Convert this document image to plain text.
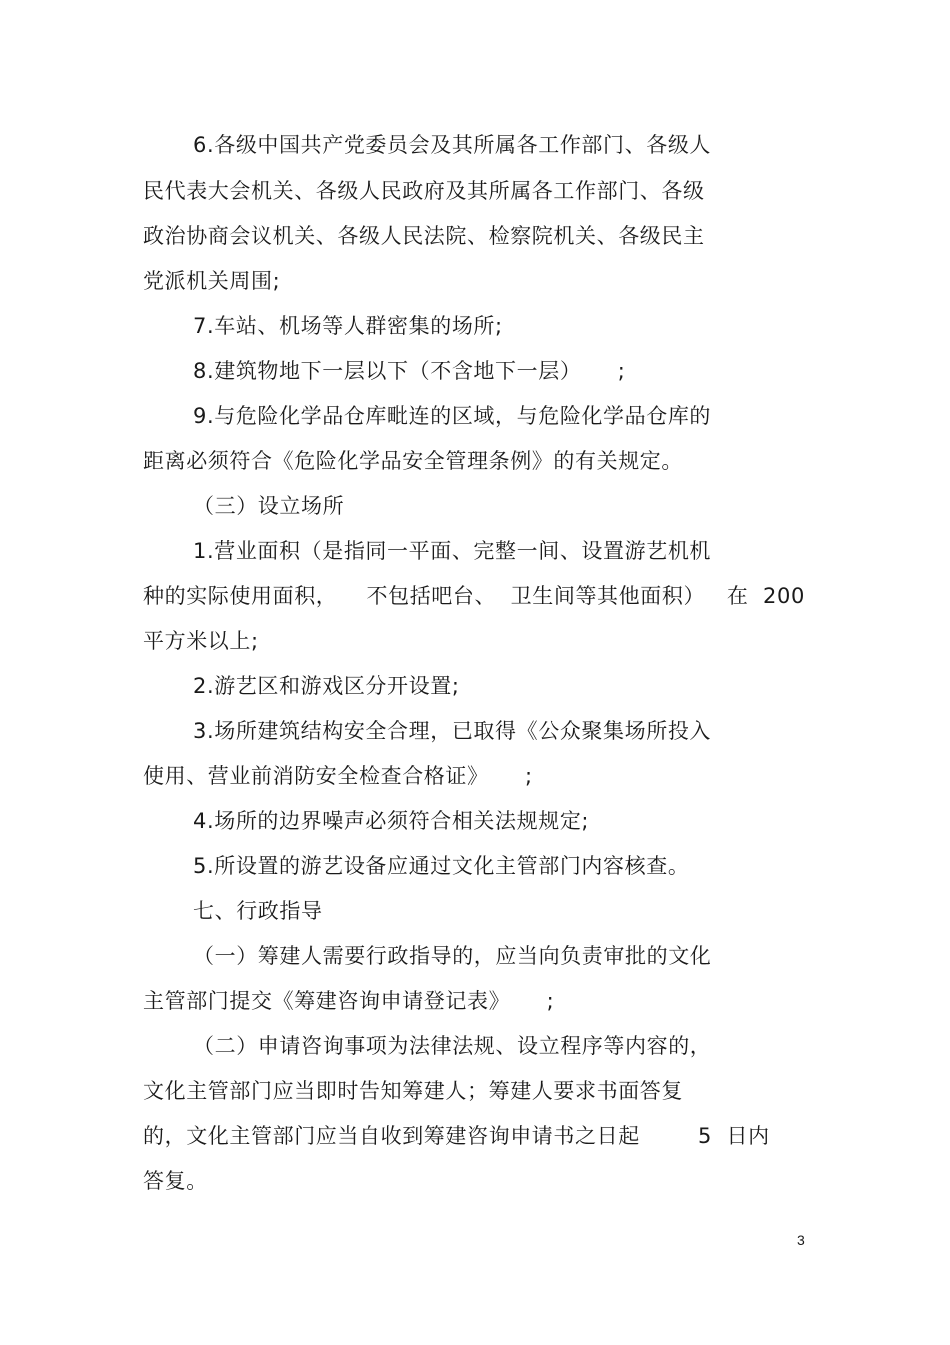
6.各级中国共产党委员会及其所属各工作部门、各级人
民代表大会机关、各级人民政府及其所属各工作部门、各级
政治协商会议机关、各级人民法院、检察院机关、各级民主
党派机关周围;
7.车站、机场等人群密集的场所;
8.建筑物地下一层以下（不含地下一层）     ;
9.与危险化学品仓库毗连的区域，与危险化学品仓库的
距离必须符合《危险化学品安全管理条例》的有关规定。
（三）设立场所
1.营业面积（是指同一平面、完整一间、设置游艺机机
种的实际使用面积，    不包括吧台、  卫生间等其他面积）   在  200
平方米以上;
2.游艺区和游戏区分开设置;
3.场所建筑结构安全合理，已取得《公众聚集场所投入
使用、营业前消防安全检查合格证》     ;
4.场所的边界噪声必须符合相关法规规定;
5.所设置的游艺设备应通过文化主管部门内容核查。
七、行政指导
（一）筹建人需要行政指导的，应当向负责审批的文化
主管部门提交《筹建咨询申请登记表》     ;
（二）申请咨询事项为法律法规、设立程序等内容的，
文化主管部门应当即时告知筹建人；筹建人要求书面答复
的，文化主管部门应当自收到筹建咨询申请书之日起        5  日内
答复。
3
